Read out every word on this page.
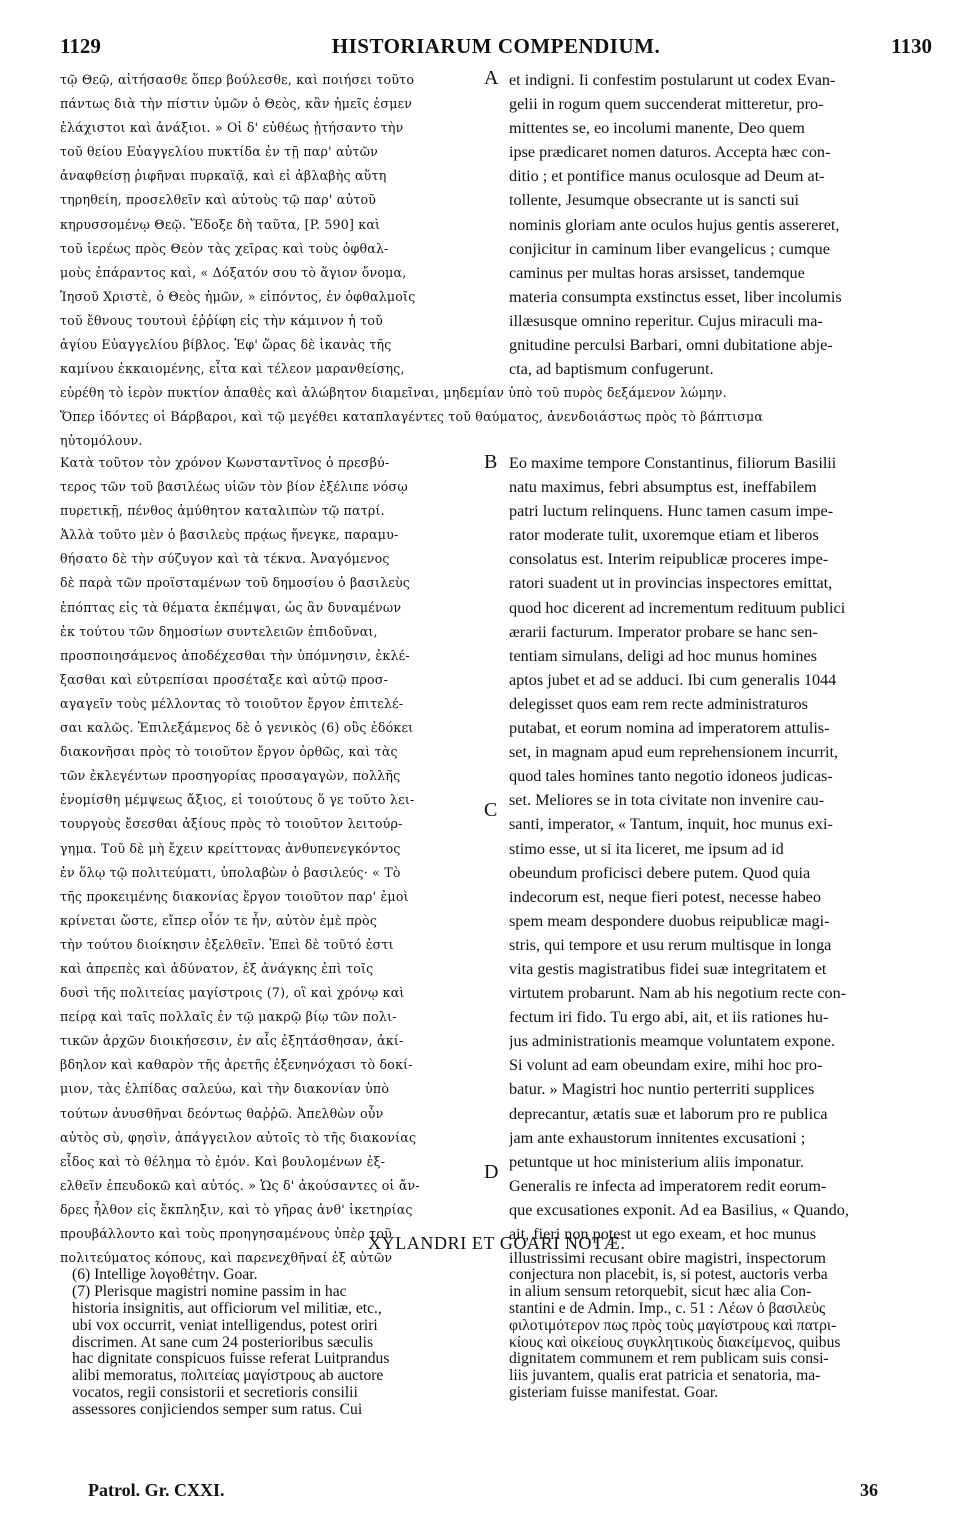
1129	HISTORIARUM COMPENDIUM.	1130
τῷ Θεῷ, αἰτήσασθε ὅπερ βούλεσθε, καὶ ποιήσει τοῦτο
πάντως διὰ τὴν πίστιν ὑμῶν ὁ Θεὸς, κἂν ἡμεῖς ἐσμεν
ἐλάχιστοι καὶ ἀνάξιοι. » Οἱ δ' εὐθέως ᾐτήσαντο τὴν
τοῦ θείου Εὐαγγελίου πυκτίδα ἐν τῇ παρ' αὐτῶν
ἀναφθείσῃ ῥιφῆναι πυρκαϊᾷ, καὶ εἰ ἀβλαβὴς αὕτη
τηρηθείη, προσελθεῖν καὶ αὐτοὺς τῷ παρ' αὐτοῦ
κηρυσσομένῳ Θεῷ. Ἔδοξε δὴ ταῦτα, [P. 590] καὶ
τοῦ ἱερέως πρὸς Θεὸν τὰς χεῖρας καὶ τοὺς ὀφθαλ-
μοὺς ἐπάραντος καὶ, « Δόξατόν σου τὸ ἅγιον ὄνομα,
Ἰησοῦ Χριστὲ, ὁ Θεὸς ἡμῶν, » εἰπόντος, ἐν ὀφθαλμοῖς
τοῦ ἔθνους τουτουὶ ἐῤῥίφη εἰς τὴν κάμινον ἡ τοῦ
ἁγίου Εὐαγγελίου βίβλος. Ἐφ' ὥρας δὲ ἱκανὰς τῆς
καμίνου ἐκκαιομένης, εἶτα καὶ τέλεον μαρανθείσης,
et indigni. Ii confestim postularunt ut codex Evan-
gelii in rogum quem succenderat mitteretur, pro-
mittentes se, eo incolumi manente, Deo quem
ipse prædicaret nomen daturos. Accepta hæc con-
ditio ; et pontifice manus oculosque ad Deum at-
tollente, Jesumque obsecrante ut is sancti sui
nominis gloriam ante oculos hujus gentis assereret,
conjicitur in caminum liber evangelicus ; cumque
caminus per multas horas arsisset, tandemque
materia consumpta exstinctus esset, liber incolumis
illæsusque omnino reperitur. Cujus miraculi ma-
gnitudine perculsi Barbari, omni dubitatione abje-
cta, ad baptismum confugerunt.
A
εὑρέθη τὸ ἱερὸν πυκτίον ἀπαθὲς καὶ ἀλώβητον διαμεῖναι, μηδεμίαν ὑπὸ τοῦ πυρὸς δεξάμενον λώμην.
Ὅπερ ἰδόντες οἱ Βάρβαροι, καὶ τῷ μεγέθει καταπλαγέντες τοῦ θαύματος, ἀνενδοιάστως πρὸς τὸ βάπτισμα
ηὐτομόλουν.
Κατὰ τοῦτον τὸν χρόνον Κωνσταντῖνος ὁ πρεσβύ-
τερος τῶν τοῦ βασιλέως υἱῶν τὸν βίον ἐξέλιπε νόσῳ
πυρετικῇ, πένθος ἀμύθητον καταλιπὼν τῷ πατρί.
Ἀλλὰ τοῦτο μὲν ὁ βασιλεὺς πρᾴως ἤνεγκε, παραμυ-
θήσατο δὲ τὴν σύζυγον καὶ τὰ τέκνα. Ἀναγόμενος
δὲ παρὰ τῶν προϊσταμένων τοῦ δημοσίου ὁ βασιλεὺς
ἐπόπτας εἰς τὰ θέματα ἐκπέμψαι, ὡς ἂν δυναμένων
ἐκ τούτου τῶν δημοσίων συντελειῶν ἐπιδοῦναι,
προσποιησάμενος ἀποδέχεσθαι τὴν ὑπόμνησιν, ἐκλέ-
ξασθαι καὶ εὐτρεπίσαι προσέταξε καὶ αὐτῷ προσ-
αγαγεῖν τοὺς μέλλοντας τὸ τοιοῦτον ἔργον ἐπιτελέ-
σαι καλῶς. Ἐπιλεξάμενος δὲ ὁ γενικὸς (6) οὓς ἐδόκει
διακονῆσαι πρὸς τὸ τοιοῦτον ἔργον ὀρθῶς, καὶ τὰς
τῶν ἐκλεγέντων προσηγορίας προσαγαγὼν, πολλῆς
ἐνομίσθη μέμψεως ἄξιος, εἰ τοιούτους ὅ γε τοῦτο λει-
τουργοὺς ἔσεσθαι ἀξίους πρὸς τὸ τοιοῦτον λειτούρ-
γημα. Τοῦ δὲ μὴ ἔχειν κρείττονας ἀνθυπενεγκόντος
ἐν ὅλῳ τῷ πολιτεύματι, ὑπολαβὼν ὁ βασιλεύς· « Τὸ
τῆς προκειμένης διακονίας ἔργον τοιοῦτον παρ' ἐμοὶ
κρίνεται ὥστε, εἴπερ οἷόν τε ἦν, αὐτὸν ἐμὲ πρὸς
τὴν τούτου διοίκησιν ἐξελθεῖν. Ἐπεὶ δὲ τοῦτό ἐστι
καὶ ἀπρεπὲς καὶ ἀδύνατον, ἐξ ἀνάγκης ἐπὶ τοῖς
δυσὶ τῆς πολιτείας μαγίστροις (7), οἳ καὶ χρόνῳ καὶ
πείρᾳ καὶ ταῖς πολλαῖς ἐν τῷ μακρῷ βίῳ τῶν πολι-
τικῶν ἀρχῶν διοικήσεσιν, ἐν αἷς ἐξητάσθησαν, ἀκί-
βδηλον καὶ καθαρὸν τῆς ἀρετῆς ἐξενηνόχασι τὸ δοκί-
μιον, τὰς ἐλπίδας σαλεύω, καὶ τὴν διακονίαν ὑπὸ
τούτων ἀνυσθῆναι δεόντως θαῤῥῶ. Ἀπελθὼν οὖν
αὐτὸς σὺ, φησὶν, ἀπάγγειλον αὐτοῖς τὸ τῆς διακονίας
εἶδος καὶ τὸ θέλημα τὸ ἐμόν. Καὶ βουλομένων ἐξ-
ελθεῖν ἐπευδοκῶ καὶ αὐτός. » Ὡς δ' ἀκούσαντες οἱ ἄν-
δρες ἦλθον εἰς ἔκπληξιν, καὶ τὸ γῆρας ἀνθ' ἱκετηρίας
προυβάλλοντο καὶ τοὺς προηγησαμένους ὑπὲρ τοῦ
πολιτεύματος κόπους, καὶ παρενεχθῆναί ἐξ αὐτῶν
Eo maxime tempore Constantinus, filiorum Basilii
natu maximus, febri absumptus est, ineffabilem
patri luctum relinquens. Hunc tamen casum impe-
rator moderate tulit, uxoremque etiam et liberos
consolatus est. Interim reipublicæ proceres impe-
ratori suadent ut in provincias inspectores emittat,
quod hoc dicerent ad incrementum redituum publici
ærarii facturum. Imperator probare se hanc sen-
tentiam simulans, deligi ad hoc munus homines
aptos jubet et ad se adduci. Ibi cum generalis 1044
delegisset quos eam rem recte administraturos
putabat, et eorum nomina ad imperatorem attulis-
set, in magnam apud eum reprehensionem incurrit,
quod tales homines tanto negotio idoneos judicas-
set. Meliores se in tota civitate non invenire cau-
santi, imperator, « Tantum, inquit, hoc munus exi-
stimo esse, ut si ita liceret, me ipsum ad id
obeundum proficisci debere putem. Quod quia
indecorum est, neque fieri potest, necesse habeo
spem meam despondere duobus reipublicæ magi-
stris, qui tempore et usu rerum multisque in longa
vita gestis magistratibus fidei suæ integritatem et
virtutem probarunt. Nam ab his negotium recte con-
fectum iri fido. Tu ergo abi, ait, et iis rationes hu-
jus administrationis meamque voluntatem expone.
Si volunt ad eam obeundam exire, mihi hoc pro-
batur. » Magistri hoc nuntio perterriti supplices
deprecantur, ætatis suæ et laborum pro re publica
jam ante exhaustorum innitentes excusationi ;
petuntque ut hoc ministerium aliis imponatur.
Generalis re infecta ad imperatorem redit eorum-
que excusationes exponit. Ad ea Basilius, « Quando,
ait, fieri non potest ut ego exeam, et hoc munus
illustrissimi recusant obire magistri, inspectorum
B
C
D
XYLANDRI ET GOARI NOTÆ.
(6) Intellige λογοθέτην. Goar.
(7) Plerisque magistri nomine passim in hac
historia insignitis, aut officiorum vel militiæ, etc.,
ubi vox occurrit, veniat intelligendus, potest oriri
discrimen. At sane cum 24 posterioribus sæculis
hac dignitate conspicuos fuisse referat Luitprandus
alibi memoratus, πολιτείας μαγίστρους ab auctore
vocatos, regii consistorii et secretioris consilii
assessores conjiciendos semper sum ratus. Cui
conjectura non placebit, is, si potest, auctoris verba
in alium sensum retorquebit, sicut hæc alia Con-
stantini e de Admin. Imp., c. 51 : Λέων ὁ βασιλεὺς
φιλοτιμότερον πως πρὸς τοὺς μαγίστρους καὶ πατρι-
κίους καὶ οἰκείους συγκλητικοὺς διακείμενος, quibus
dignitatem communem et rem publicam suis consi-
liis juvantem, qualis erat patricia et senatoria, ma-
gisteriam fuisse manifestat. Goar.
Patrol. Gr. CXXI.	36
